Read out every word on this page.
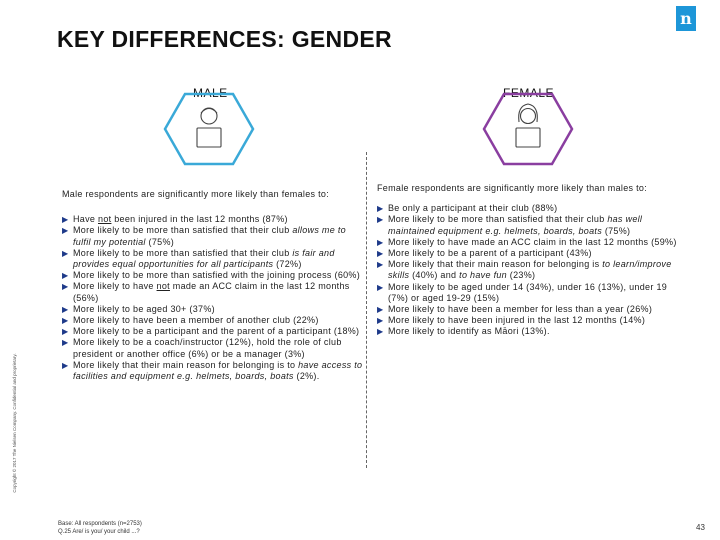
KEY DIFFERENCES: GENDER
n
Copyright © 2017 The Nielsen Company. Confidential and proprietary.
MALE	FEMALE
Male respondents are significantly more likely than females to:
▶ Have not been injured in the last 12 months (87%)
▶ More likely to be more than satisfied that their club allows me to fulfil my potential (75%)
▶ More likely to be more than satisfied that their club is fair and provides equal opportunities for all participants (72%)
▶ More likely to be more than satisfied with the joining process (60%)
▶ More likely to have not made an ACC claim in the last 12 months (56%)
▶ More likely to be aged 30+ (37%)
▶ More likely to have been a member of another club (22%)
▶ More likely to be a participant and the parent of a participant (18%)
▶ More likely to be a coach/instructor (12%), hold the role of club president or another office (6%) or be a manager (3%)
▶ More likely that their main reason for belonging is to have access to facilities and equipment e.g. helmets, boards, boats (2%).
Female respondents are significantly more likely than males to:
▶ Be only a participant at their club (88%)
▶ More likely to be more than satisfied that their club has well maintained equipment e.g. helmets, boards, boats (75%)
▶ More likely to have made an ACC claim in the last 12 months (59%)
▶ More likely to be a parent of a participant (43%)
▶ More likely that their main reason for belonging is to learn/improve skills (40%) and to have fun (23%)
▶ More likely to be aged under 14 (34%), under 16 (13%), under 19 (7%) or aged 19-29 (15%)
▶ More likely to have been a member for less than a year (26%)
▶ More likely to have been injured in the last 12 months (14%)
▶ More likely to identify as Māori (13%).
Base: All respondents (n=2753)
Q.25 Are/ is you/ your child ...?	43
